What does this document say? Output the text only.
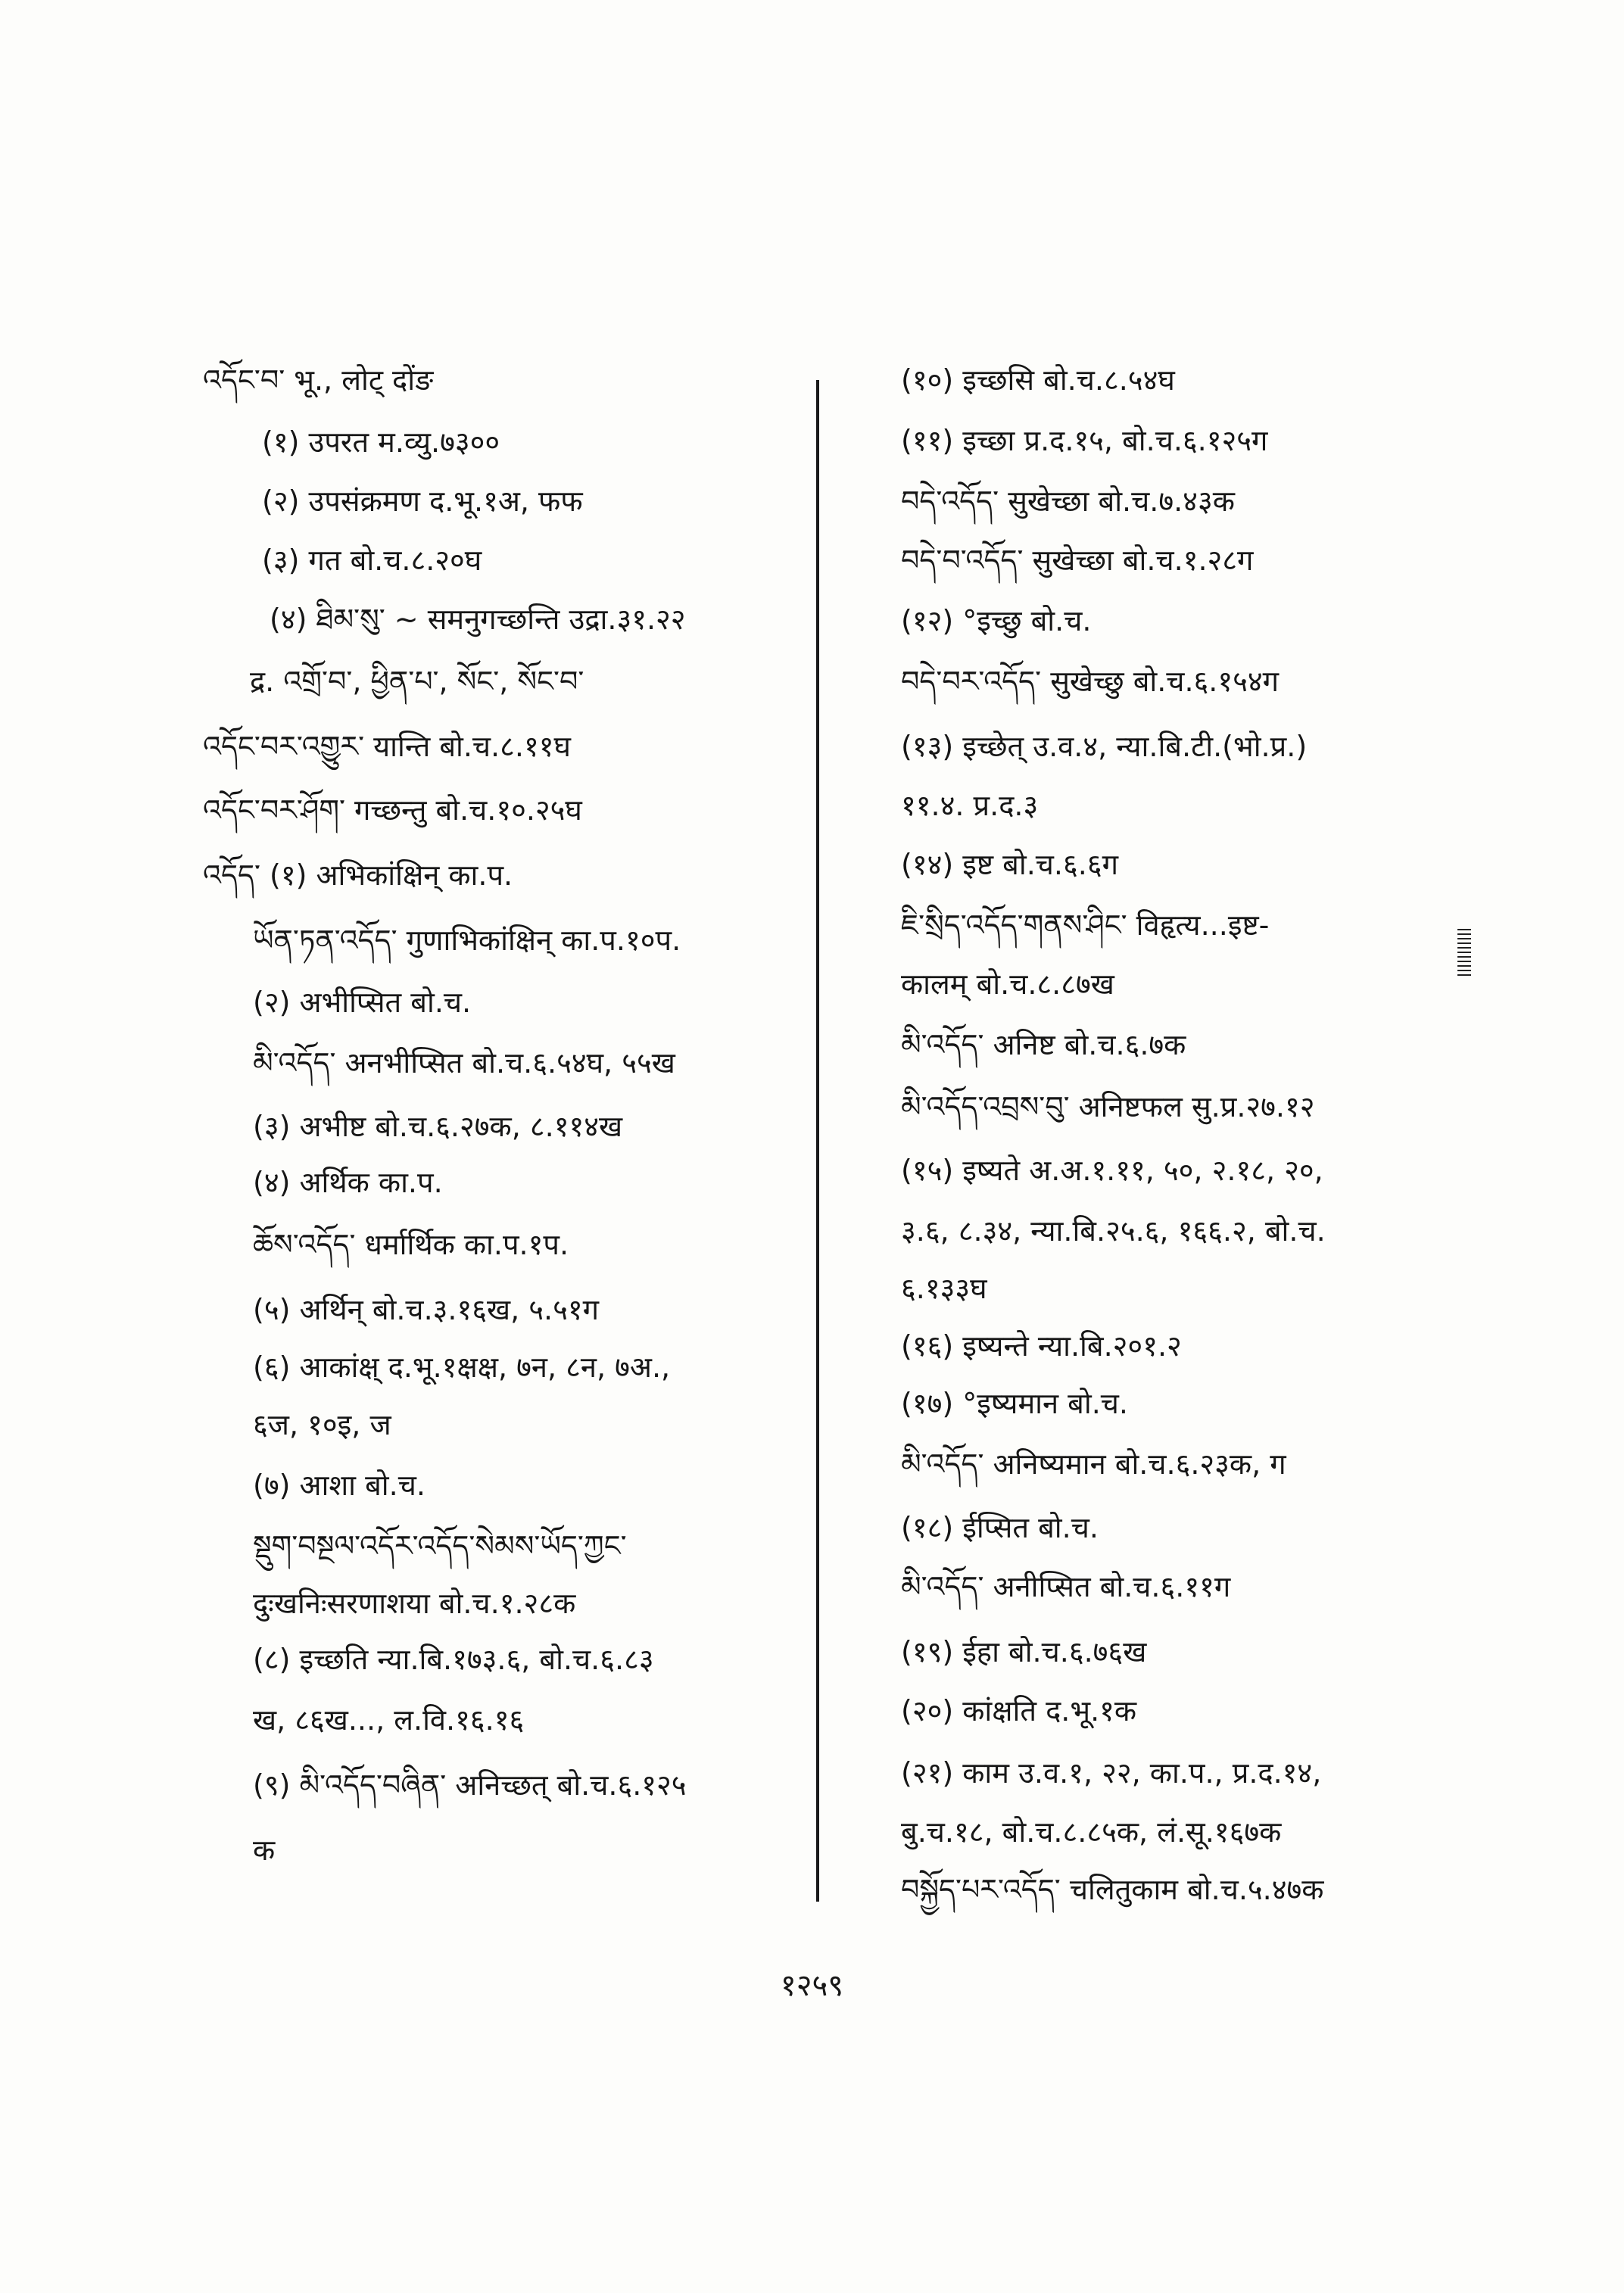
འདོང་བ་ भू., लोट् दोंङ
(१) उपरत म.व्यु.७३००
(२) उपसंक्रमण द.भू.१अ, फफ
(३) गत बो.च.८.२०घ
(४) ཐིམ་སུ་ ~ समनुगच्छन्ति उद्रा.३१.२२
द्र. འགྲོ་བ་, ཕྱིན་པ་, སོང་, སོང་བ་
འདོང་བར་འགྱུར་ यान्ति बो.च.८.११घ
འདོང་བར་ཤོག་ गच्छन्तु बो.च.१०.२५घ
འདོད་ (१) अभिकांक्षिन् का.प.
ཡོན་ཏན་འདོད་ गुणाभिकांक्षिन् का.प.१०प.
(२) अभीप्सित बो.च.
མི་འདོད་ अनभीप्सित बो.च.६.५४घ, ५५ख
(३) अभीष्ट बो.च.६.२७क, ८.११४ख
(४) अर्थिक का.प.
ཆོས་འདོད་ धर्मार्थिक का.प.१प.
(५) अर्थिन् बो.च.३.१६ख, ५.५१ग
(६) आकांक्ष् द.भू.१क्षक्ष, ७न, ८न, ७अ.,
६ज, १०इ, ज
(७) आशा बो.च.
སྡུག་བསྔལ་འདོར་འདོད་སེམས་ཡོད་ཀྱང་
दुःखनिःसरणाशया बो.च.१.२८क
(८) इच्छति न्या.बि.१७३.६, बो.च.६.८३
ख, ८६ख..., ल.वि.१६.१६
(९) མི་འདོད་བཞིན་ अनिच्छत् बो.च.६.१२५
क
(१०) इच्छसि बो.च.८.५४घ
(११) इच्छा प्र.द.१५, बो.च.६.१२५ग
བདེ་འདོད་ सुखेच्छा बो.च.७.४३क
བདེ་བ་འདོད་ सुखेच्छा बो.च.१.२८ग
(१२) °इच्छु बो.च.
བདེ་བར་འདོད་ सुखेच्छु बो.च.६.१५४ग
(१३) इच्छेत् उ.व.४, न्या.बि.टी.(भो.प्र.)
११.४. प्र.द.३
(१४) इष्ट बो.च.६.६ग
ཇི་སྲིད་འདོད་གནས་ཤིང་ विहृत्य...इष्ट-
कालम् बो.च.८.८७ख
མི་འདོད་ अनिष्ट बो.च.६.७क
མི་འདོད་འབྲས་བུ་ अनिष्टफल सु.प्र.२७.१२
(१५) इष्यते अ.अ.१.११, ५०, २.१८, २०,
३.६, ८.३४, न्या.बि.२५.६, १६६.२, बो.च.
६.१३३घ
(१६) इष्यन्ते न्या.बि.२०१.२
(१७) °इष्यमान बो.च.
མི་འདོད་ अनिष्यमान बो.च.६.२३क, ग
(१८) ईप्सित बो.च.
མི་འདོད་ अनीप्सित बो.च.६.११ग
(१९) ईहा बो.च.६.७६ख
(२०) कांक्षति द.भू.१क
(२१) काम उ.व.१, २२, का.प., प्र.द.१४,
बु.च.१८, बो.च.८.८५क, लं.सू.१६७क
བསྐྱོད་པར་འདོད་ चलितुकाम बो.च.५.४७क
१२५९
